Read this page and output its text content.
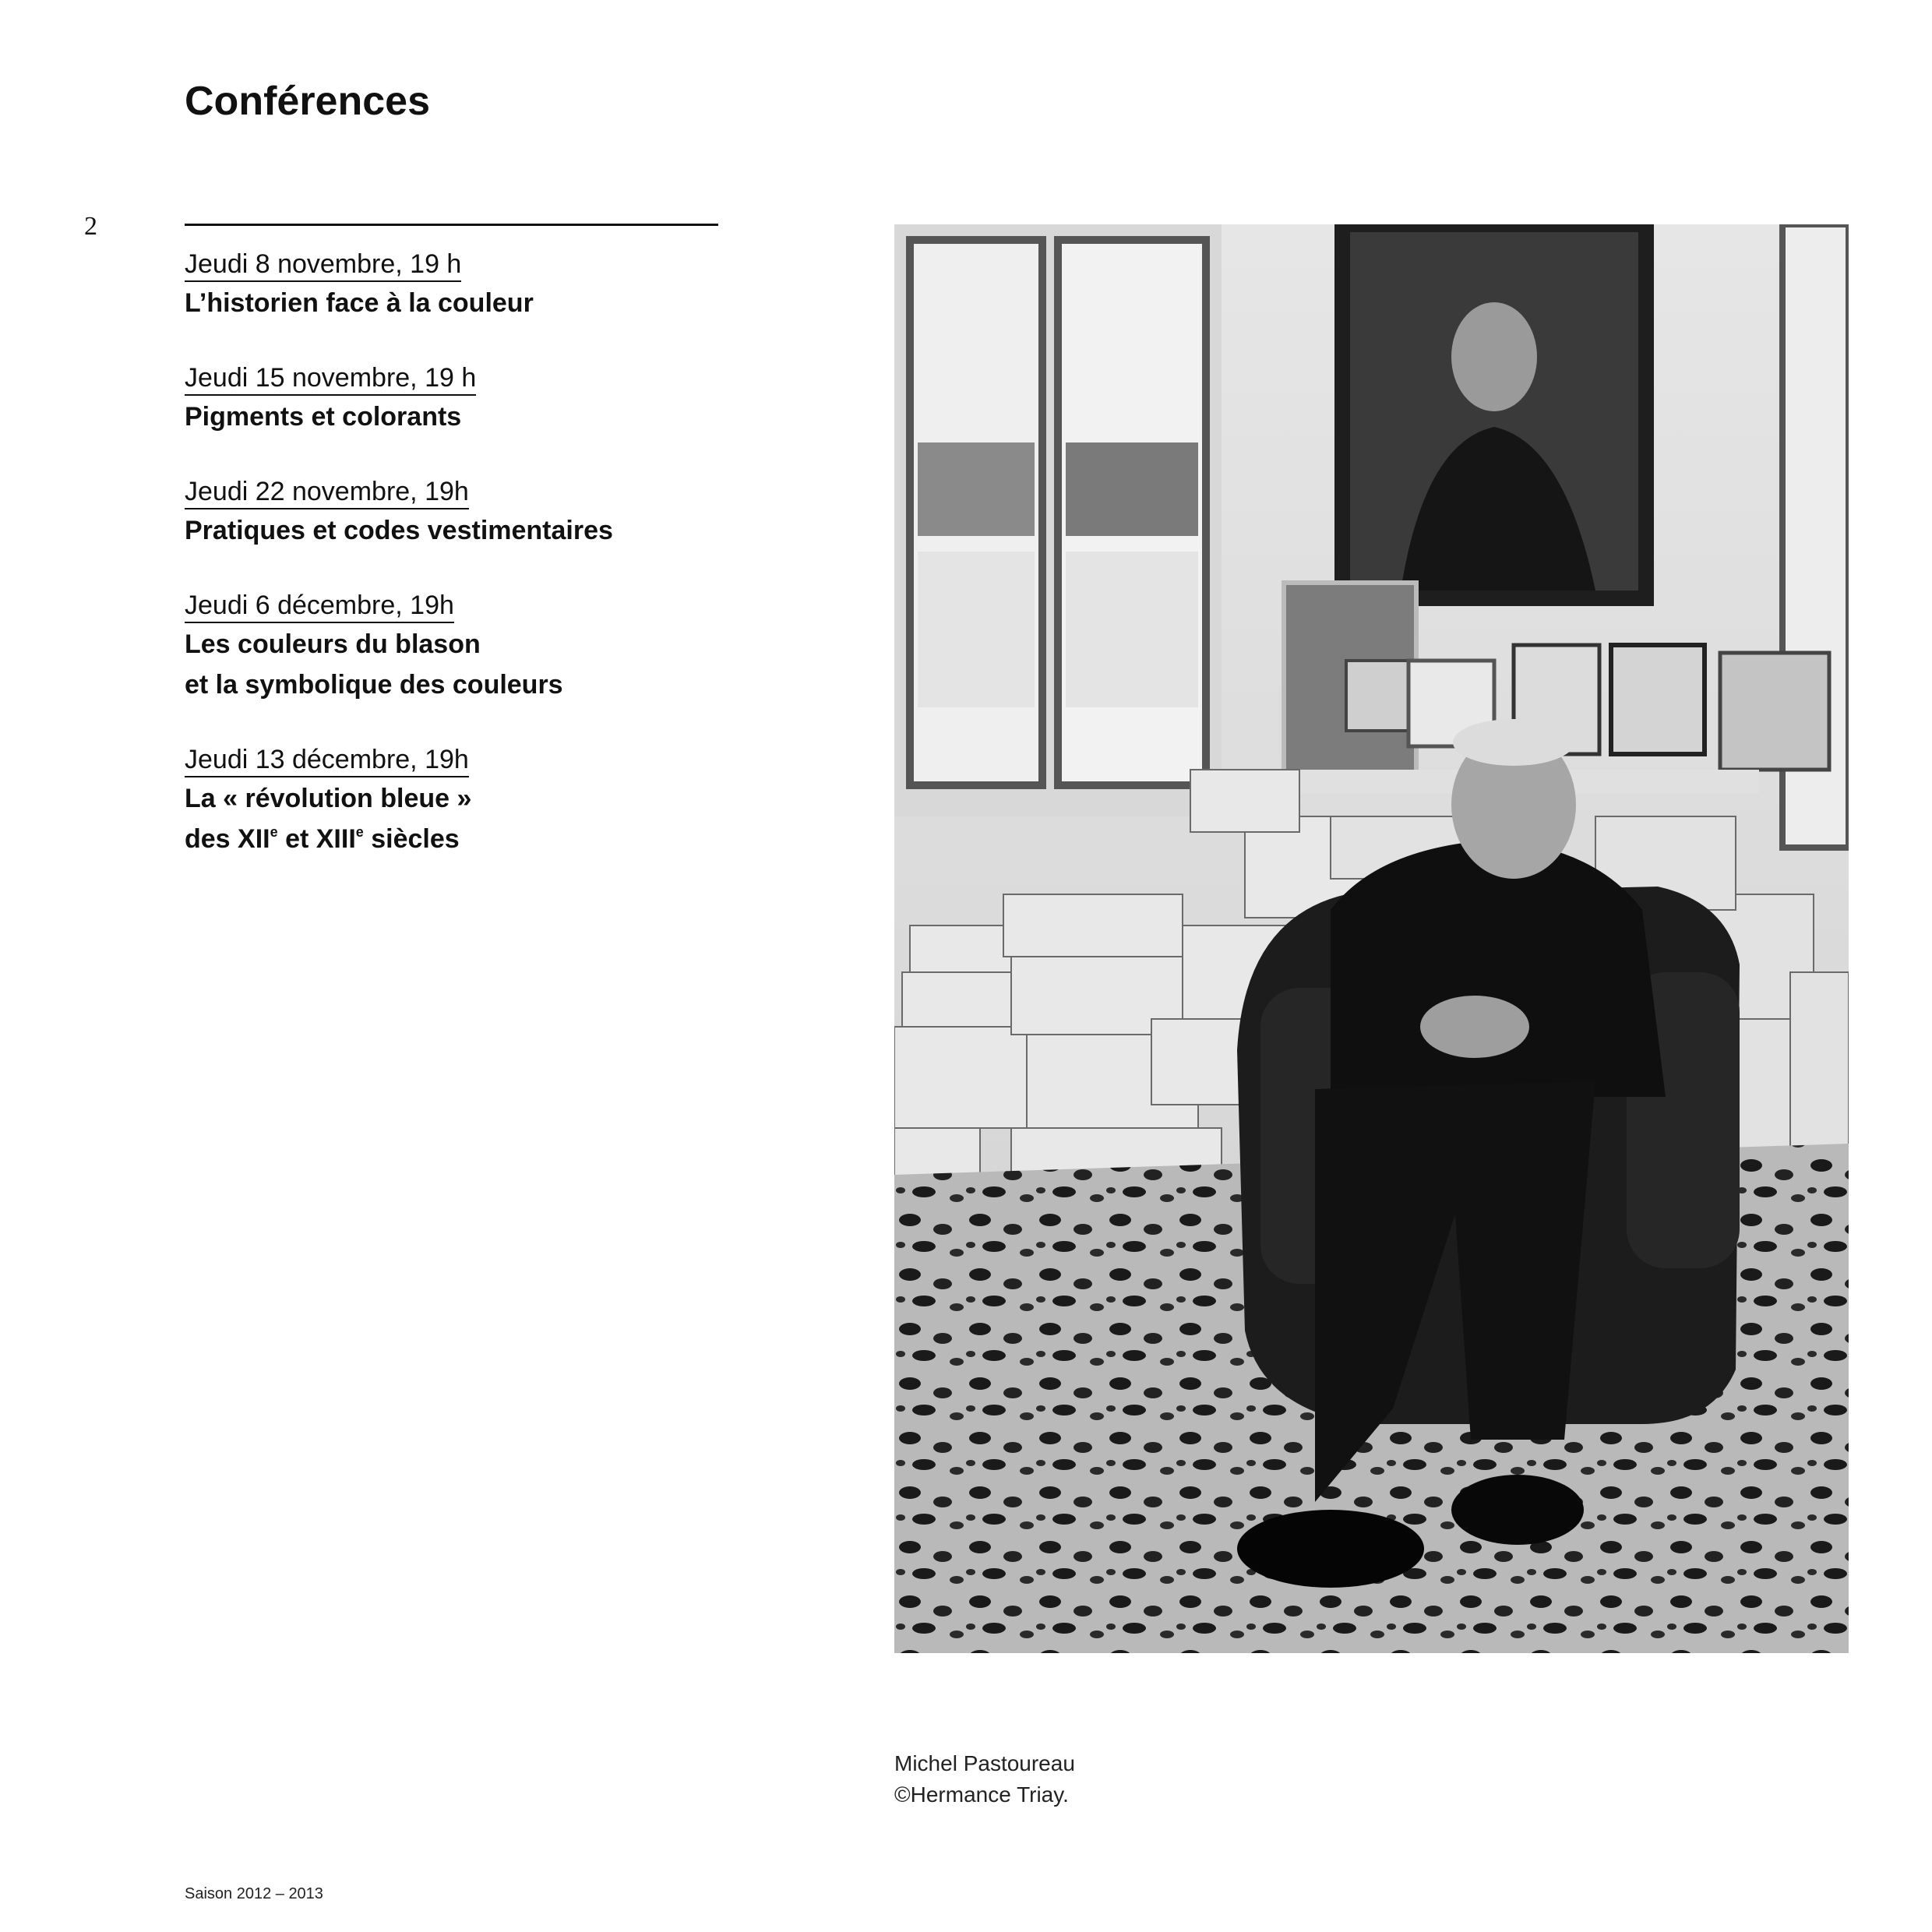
Conférences
2
Jeudi 8 novembre, 19 h
L’historien face à la couleur
Jeudi 15 novembre, 19 h
Pigments et colorants
Jeudi 22 novembre, 19h
Pratiques et codes vestimentaires
Jeudi 6 décembre, 19h
Les couleurs du blason
et la symbolique des couleurs
Jeudi 13 décembre, 19h
La « révolution bleue »
des XIIe et XIIIe siècles
Michel Pastoureau
©Hermance Triay.
Saison 2012 – 2013
